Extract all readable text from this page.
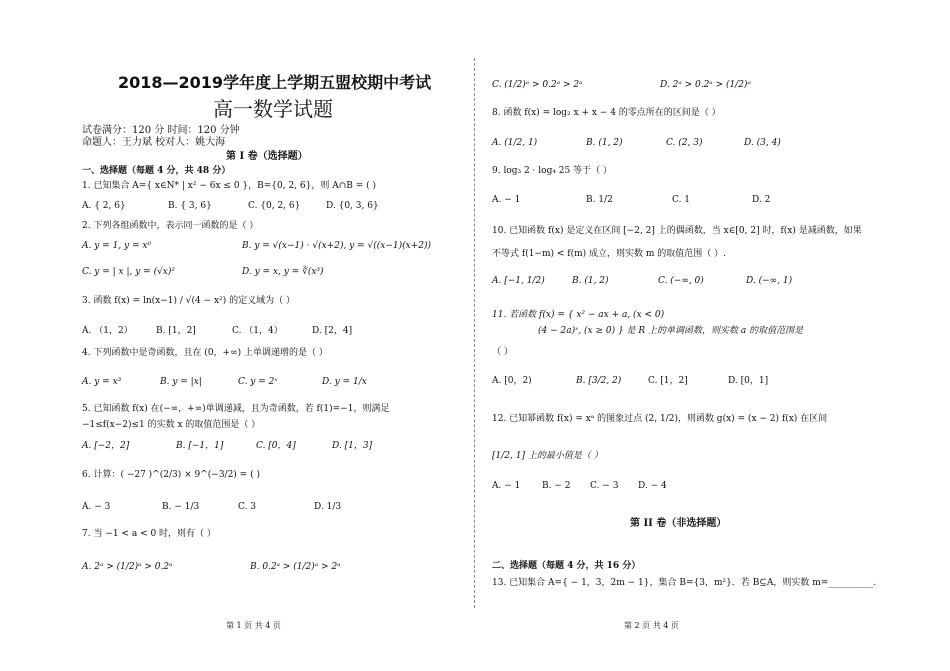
2018—2019学年度上学期五盟校期中考试
高一数学试题
试卷满分：120 分 时间：120 分钟
命题人：王力斌 校对人：姚大海
第 I 卷（选择题）
一、选择题（每题 4 分，共 48 分）
1. 已知集合 A={ x∈N* | x² − 6x ≤ 0 }，B={0, 2, 6}，则 A∩B = ( )
A. { 2, 6}	B. { 3, 6}	C. {0, 2, 6}	D. {0, 3, 6}
2. 下列各组函数中，表示同一函数的是（ ）
A. y = 1, y = x⁰	B. y = √(x−1) · √(x+2), y = √((x−1)(x+2))
C. y = | x |, y = (√x)²	D. y = x, y = ∛(x³)
3. 函数 f(x) = ln(x−1) / √(4 − x²) 的定义域为（ ）
A. （1，2）	B. [1，2]	C. （1，4）	D. [2，4]
4. 下列函数中是奇函数，且在 (0，+∞) 上单调递增的是（ ）
A. y = x³	B. y = |x|	C. y = 2ˣ	D. y = 1/x
5. 已知函数 f(x) 在(−∞，+∞)单调递减，且为奇函数，若 f(1)=−1，则满足
−1≤f(x−2)≤1 的实数 x 的取值范围是（ ）
A. [−2，2]	B. [−1，1]	C. [0，4]	D. [1，3]
6. 计算：( −27 )^(2/3) × 9^(−3/2) = ( )
A. − 3	B. − 1/3	C. 3	D. 1/3
7. 当 −1 < a < 0 时，则有（ ）
A. 2ᵃ > (1/2)ᵃ > 0.2ᵃ	B. 0.2ᵃ > (1/2)ᵃ > 2ᵃ
第 1 页 共 4 页
C. (1/2)ᵃ > 0.2ᵃ > 2ᵃ	D. 2ᵃ > 0.2ᵃ > (1/2)ᵃ
8. 函数 f(x) = log₂ x + x − 4 的零点所在的区间是（ ）
A. (1/2, 1)	B. (1, 2)	C. (2, 3)	D. (3, 4)
9. log₃ 2 · log₄ 25 等于（ ）
A. − 1	B. 1/2	C. 1	D. 2
10. 已知函数 f(x) 是定义在区间 [−2, 2] 上的偶函数，当 x∈[0, 2] 时，f(x) 是减函数，如果
不等式 f(1−m) < f(m) 成立，则实数 m 的取值范围（ ）.
A. [−1, 1/2)	B. (1, 2)	C. (−∞, 0)	D. (−∞, 1)
11. 若函数 f(x) = { x² − ax + a, (x < 0)
(4 − 2a)ˣ, (x ≥ 0) } 是 R 上的单调函数，则实数 a 的取值范围是
（ ）
A. [0，2)	B. [3/2, 2)	C. [1，2]	D. [0，1]
12. 已知幂函数 f(x) = xᵃ 的图象过点 (2, 1/2)，则函数 g(x) = (x − 2) f(x) 在区间
[1/2, 1] 上的最小值是（ ）
A. − 1 B. − 2 C. − 3 D. − 4
第 II 卷（非选择题）
二、选择题（每题 4 分，共 16 分）
13. 已知集合 A={ − 1，3，2m − 1}，集合 B={3，m²}．若 B⊆A，则实数 m=__________.
第 2 页 共 4 页
